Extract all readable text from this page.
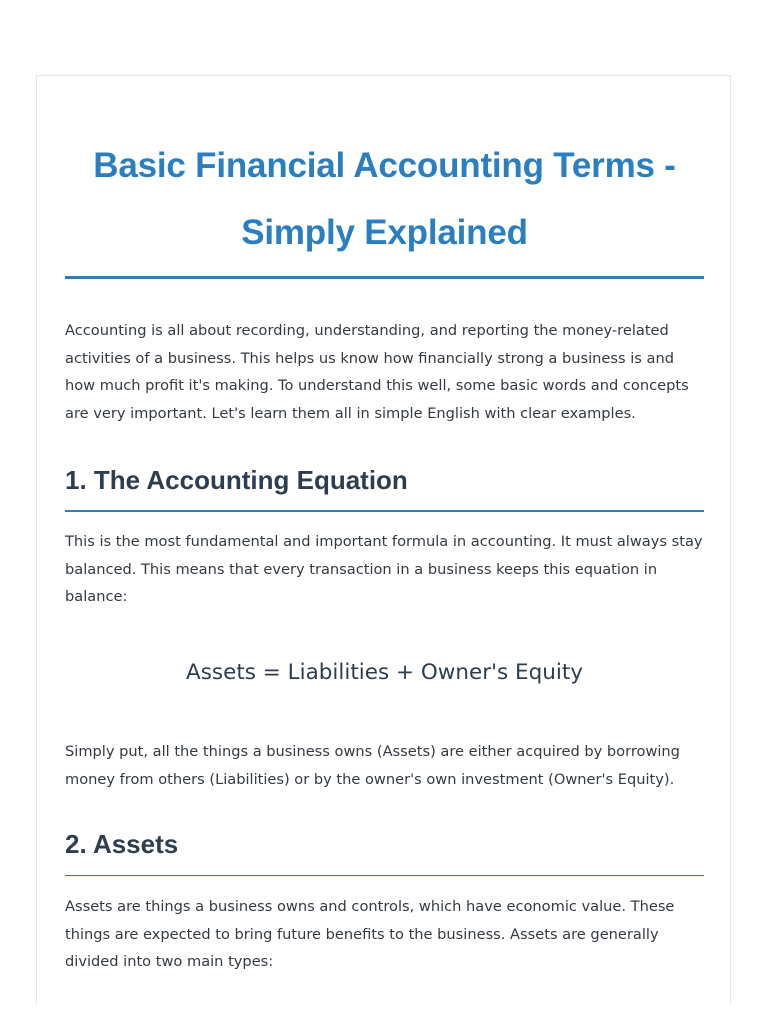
Basic Financial Accounting Terms - Simply Explained

Accounting is all about recording, understanding, and reporting the money-related activities of a business. This helps us know how financially strong a business is and how much profit it's making. To understand this well, some basic words and concepts are very important. Let's learn them all in simple English with clear examples.

1. The Accounting Equation

This is the most fundamental and important formula in accounting. It must always stay balanced. This means that every transaction in a business keeps this equation in balance:

Assets = Liabilities + Owner's Equity

Simply put, all the things a business owns (Assets) are either acquired by borrowing money from others (Liabilities) or by the owner's own investment (Owner's Equity).

2. Assets

Assets are things a business owns and controls, which have economic value. These things are expected to bring future benefits to the business. Assets are generally divided into two main types:
